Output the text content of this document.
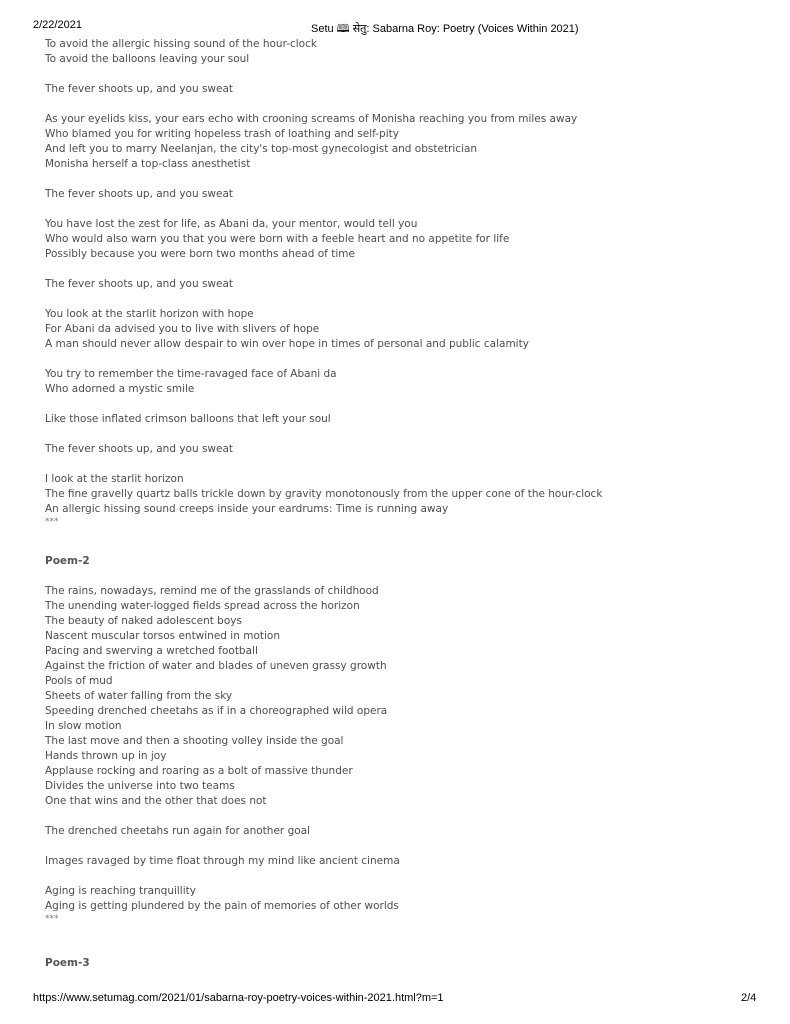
2/22/2021	Setu 🕮 सेतु: Sabarna Roy: Poetry (Voices Within 2021)
To avoid the allergic hissing sound of the hour-clock
To avoid the balloons leaving your soul
The fever shoots up, and you sweat
As your eyelids kiss, your ears echo with crooning screams of Monisha reaching you from miles away
Who blamed you for writing hopeless trash of loathing and self-pity
And left you to marry Neelanjan, the city's top-most gynecologist and obstetrician
Monisha herself a top-class anesthetist
The fever shoots up, and you sweat
You have lost the zest for life, as Abani da, your mentor, would tell you
Who would also warn you that you were born with a feeble heart and no appetite for life
Possibly because you were born two months ahead of time
The fever shoots up, and you sweat
You look at the starlit horizon with hope
For Abani da advised you to live with slivers of hope
A man should never allow despair to win over hope in times of personal and public calamity
You try to remember the time-ravaged face of Abani da
Who adorned a mystic smile
Like those inflated crimson balloons that left your soul
The fever shoots up, and you sweat
I look at the starlit horizon
The fine gravelly quartz balls trickle down by gravity monotonously from the upper cone of the hour-clock
An allergic hissing sound creeps inside your eardrums: Time is running away
***
Poem-2
The rains, nowadays, remind me of the grasslands of childhood
The unending water-logged fields spread across the horizon
The beauty of naked adolescent boys
Nascent muscular torsos entwined in motion
Pacing and swerving a wretched football
Against the friction of water and blades of uneven grassy growth
Pools of mud
Sheets of water falling from the sky
Speeding drenched cheetahs as if in a choreographed wild opera
In slow motion
The last move and then a shooting volley inside the goal
Hands thrown up in joy
Applause rocking and roaring as a bolt of massive thunder
Divides the universe into two teams
One that wins and the other that does not
The drenched cheetahs run again for another goal
Images ravaged by time float through my mind like ancient cinema
Aging is reaching tranquillity
Aging is getting plundered by the pain of memories of other worlds
***
Poem-3
https://www.setumag.com/2021/01/sabarna-roy-poetry-voices-within-2021.html?m=1	2/4
